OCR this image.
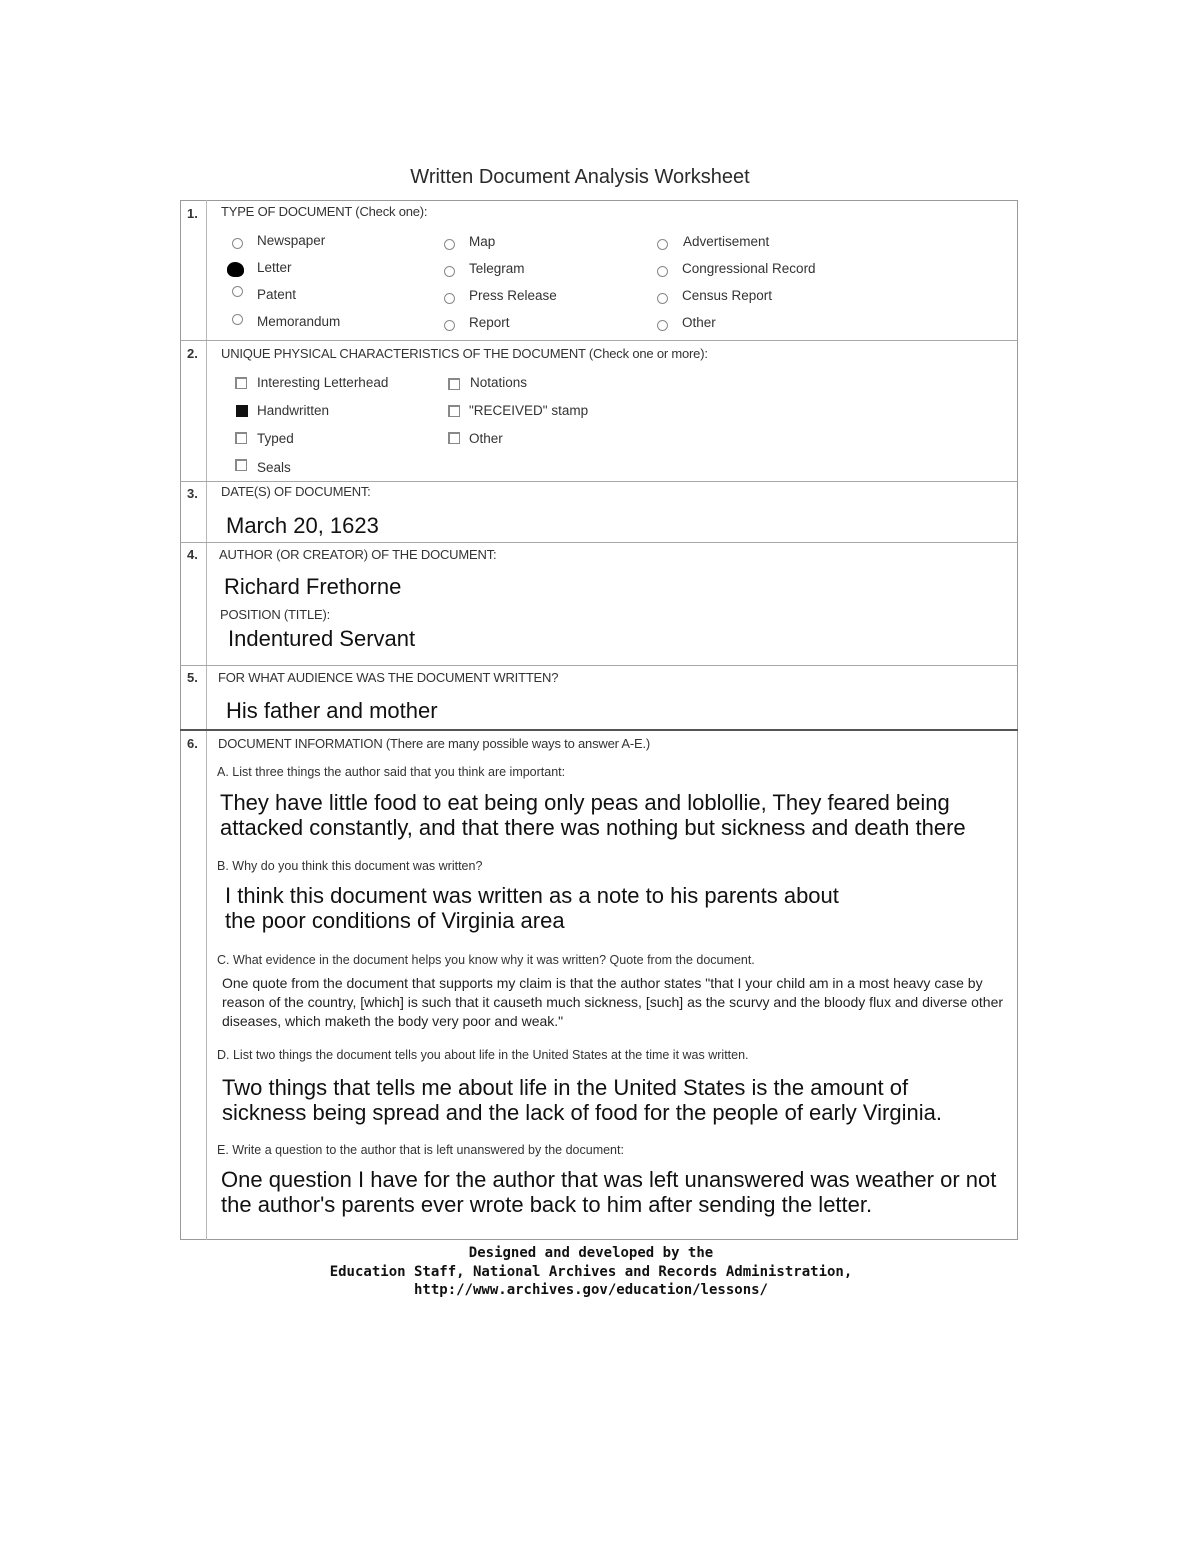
Written Document Analysis Worksheet
1. TYPE OF DOCUMENT (Check one):
Newspaper
Letter
Patent
Memorandum
Map
Telegram
Press Release
Report
Advertisement
Congressional Record
Census Report
Other
2. UNIQUE PHYSICAL CHARACTERISTICS OF THE DOCUMENT (Check one or more):
Interesting Letterhead
Handwritten
Typed
Seals
Notations
"RECEIVED" stamp
Other
3. DATE(S) OF DOCUMENT:
March 20, 1623
4. AUTHOR (OR CREATOR) OF THE DOCUMENT:
Richard Frethorne
POSITION (TITLE):
Indentured Servant
5. FOR WHAT AUDIENCE WAS THE DOCUMENT WRITTEN?
His father and mother
6. DOCUMENT INFORMATION (There are many possible ways to answer A-E.)
A. List three things the author said that you think are important:
They have little food to eat being only peas and loblollie, They feared being attacked constantly, and that there was nothing but sickness and death there
B. Why do you think this document was written?
I think this document was written as a note to his parents about the poor conditions of Virginia area
C. What evidence in the document helps you know why it was written? Quote from the document.
One quote from the document that supports my claim is that the author states "that I your child am in a most heavy case by reason of the country, [which] is such that it causeth much sickness, [such] as the scurvy and the bloody flux and diverse other diseases, which maketh the body very poor and weak."
D. List two things the document tells you about life in the United States at the time it was written.
Two things that tells me about life in the United States is the amount of sickness being spread and the lack of food for the people of early Virginia.
E. Write a question to the author that is left unanswered by the document:
One question I have for the author that was left unanswered was weather or not the author's parents ever wrote back to him after sending the letter.
Designed and developed by the
Education Staff, National Archives and Records Administration,
http://www.archives.gov/education/lessons/
